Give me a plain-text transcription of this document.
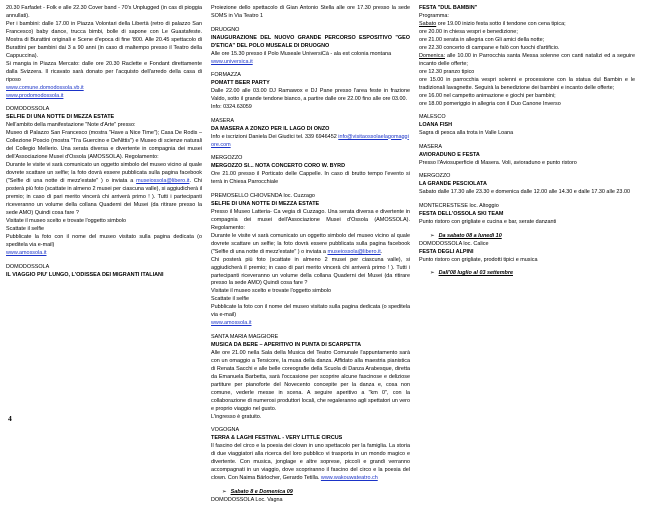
20.30 Farfadet - Folk e alle 22.30 Cover band - 70's Unplugged (in cas di pioggia annullati).

Per i bambini: dalle 17.00 in Piazza Volontari della Libertà (retro di palazzo San Francesco) baby dance, trucca bimbi, bolle di sapone con Le Guastafeste. Mostra di Burattini originali e Scene d'epoca di fine '800. Alle 20.45 spettacolo di Burattini per bambini dai 3 a 90 anni (in caso di maltempo presso il Teatro della Cappuccina).

Si mangia in Piazza Mercato: dalle ore 20.30 Raclette e Fondant direttamente dalla Svizzera. Il ricavato sarà donato per l'acquisto dell'arredo della casa di riposo

www.comune.domodossola.vb.it

www.prodomodossola.it

DOMODOSSOLA

SELFIE DI UNA NOTTE DI MEZZA ESTATE

Nell'ambito della manifestazione "Note d'Arte" presso:

Museo di Palazzo San Francesco (mostra "Have a Nice Time"); Casa De Rodis – Collezione Poscio (mostra "Tra Guercino e DeNittis") e Museo di scienze naturali del Collegio Mellerio. Una serata diversa e divertente in compagnia dei musei dell'Associazione Musei d'Ossola (AMOSSOLA). Regolamento:

Durante le visite vi sarà comunicato un oggetto simbolo del museo vicino al quale dovrete scattare un selfie; la foto dovrà essere pubblicata sulla pagina facebook ("Selfie di una notte di mezz'estate" ) o inviata a museiossola@libero.it. Chi posterà più foto (scattate in almeno 2 musei per ciascuna valle), si aggiudicherà il premio; in caso di pari merito vincerà chi arriverà primo ! ). Tutti i partecipanti riceveranno un volume della collana Quaderni dei Musei (da ritirare presso la sede AMO) Quindi cosa fare ?

Visitate il museo scelto e trovate l'oggetto simbolo

Scattate il selfie

Pubblicate la foto con il nome del museo visitato sulla pagina dedicata (o speditela via e-mail)

www.amossola.it

DOMODOSSOLA

IL VIAGGIO PIU' LUNGO, L'ODISSEA DEI MIGRANTI ITALIANI

Proiezione dello spettacolo di Gian Antonio Stella alle ore 17.30 presso la sede SOMS in Via Teatro 1

DRUOGNO

INAUGURAZIONE DEL NUOVO GRANDE PERCORSO ESPOSITIVO "GEO D'ETICA" DEL POLO MUSEALE DI DRUOGNO

Alle ore 15.30 presso il Polo Museale UniversiCà - ala est colonia montana

www.universica.it

FORMAZZA

POMATT BEER PARTY

Dalle 22.00 alle 03.00 DJ Ramawox e DJ Pane presso l'area feste in frazione Valdo, sotto il grande tendone bianco, a partire dalle ore 22.00 fino alle ore 03.00.

Info: 0324.63059

MASERA

DA MASERA A ZONZO PER IL LAGO DI ONZO

Info e iscrizioni Daniela Dei Giudici tel. 339 6946452 info@visitaossolaelagomaggiore.com

MERGOZZO

MERGOZZO SI... NOTA CONCERTO CORO W. BYRD

Ore 21.00 presso il Porticato delle Cappelle. In caso di brutto tempo l'evento si terrà in Chiesa Parrocchiale

PREMOSELLO CHIOVENDA loc. Cuzzago

SELFIE DI UNA NOTTE DI MEZZA ESTATE

Presso il Museo Latteria- Ca vegia di Cuzzago. Una serata diversa e divertente in compagnia dei musei dell'Associazione Musei d'Ossola (AMOSSOLA). Regolamento:

Durante le visite vi sarà comunicato un oggetto simbolo del museo vicino al quale dovrete scattare un selfie; la foto dovrà essere pubblicata sulla pagina facebook ("Selfie di una notte di mezz'estate" ) o inviata a museiossola@libero.it.

Chi posterà più foto (scattate in almeno 2 musei per ciascuna valle), si aggiudicherà il premio; in caso di pari merito vincerà chi arriverà primo ! ). Tutti i partecipanti riceveranno un volume della collana Quaderni dei Musei (da ritirare presso la sede AMO) Quindi cosa fare ?

Visitate il museo scelto e trovate l'oggetto simbolo

Scattate il selfie

Pubblicate la foto con il nome del museo visitato sulla pagina dedicata (o speditela via e-mail)

www.amossola.it

SANTA MARIA MAGGIORE

MUSICA DA BERE – APERITIVO IN PUNTA DI SCARPETTA

Alle ore 21.00 nella Sala della Musica del Teatro Comunale l'appuntamento sarà con un omaggio a Tersicore, la musa della danza. Affidato alla maestria pianistica di Renata Sacchi e alle belle coreografie della Scuola di Danza Arabesque, diretta da Emanuela Barbetta, sarà l'occasione per scoprire alcune fascinose e deliziose partiture per pianoforte del Novecento concepite per la danza e, cosa non comune, vederle messe in scena. A seguire aperitivo a "km 0", con la collaborazione di numerosi produttori locali, che regaleranno agli spettatori un vero e proprio viaggio nel gusto.

L'ingresso è gratuito.

VOGOGNA

TERRA & LAGHI FESTIVAL - VERY LITTLE CIRCUS

Il fascino del circo e la poesia dei clown in uno spettacolo per la famiglia. La storia di due viaggiatori alla ricerca del loro pubblico vi trasporta in un mondo magico e divertente. Con musica, jonglage e altre soprese, piccoli e grandi verranno accompagnati in un viaggio, dove scopriranno il fascino del circo e la poesia del clown. Con Naima Bärlocher, Gerardo Tetilla. www.wakouwateatro.ch

➢ Sabato 8 e Domenica 09

DOMODOSSOLA Loc. Vagna

FESTA "DUL BAMBIN"

Programma:

Sabato ore 19.00 inizio festa sotto il tendone con cena tipica;

ore 20.00 in chiesa vespri e benedizione;

ore 21.00 serata in allegria con Gli amici della notte;

ore 22.30 concerto di campane e falò con fuochi d'artificio.

Domenica: alle 10.00 in Parrocchia santa Messa solenne con canti natalizi ed a seguire incanto delle offerte;

ore 12.30 pranzo tipico

ore 15.00 in parrocchia vespri solenni e processione con la statua dul Bambin e le tradizionali lavagnette. Seguirà la benedizione dei bambini e incanto delle offerte;

ore 16.00 nel campetto animazione e giochi per bambini;

ore 18.00 pomeriggio in allegria con il Duo Canone Inverso

MALESCO

LOANA FISH

Sagra di pesca alla trota in Valle Loana

MASERA

AVIORADUNO E FESTA

Presso l'Aviosuperficie di Masera. Voli, avioraduno e punto ristoro

MERGOZZO

LA GRANDE PESCIOLATA

Sabato dalle 17.30 alle 23.30 e domenica dalle 12.00 alle 14.30 e dalle 17.30 alle 23.00

MONTECRESTESE loc. Altoggio

FESTA DELL'OSSOLA SKI TEAM

Punto ristoro con grigliate e cucina e bar, serate danzanti

➢ Da sabato 08 a lunedì 10

DOMODOSSOLA loc. Calice

FESTA DEGLI ALPINI

Punto ristoro con grigliate, prodotti tipici e musica

➢ Dall'08 luglio al 03 settembre

4
